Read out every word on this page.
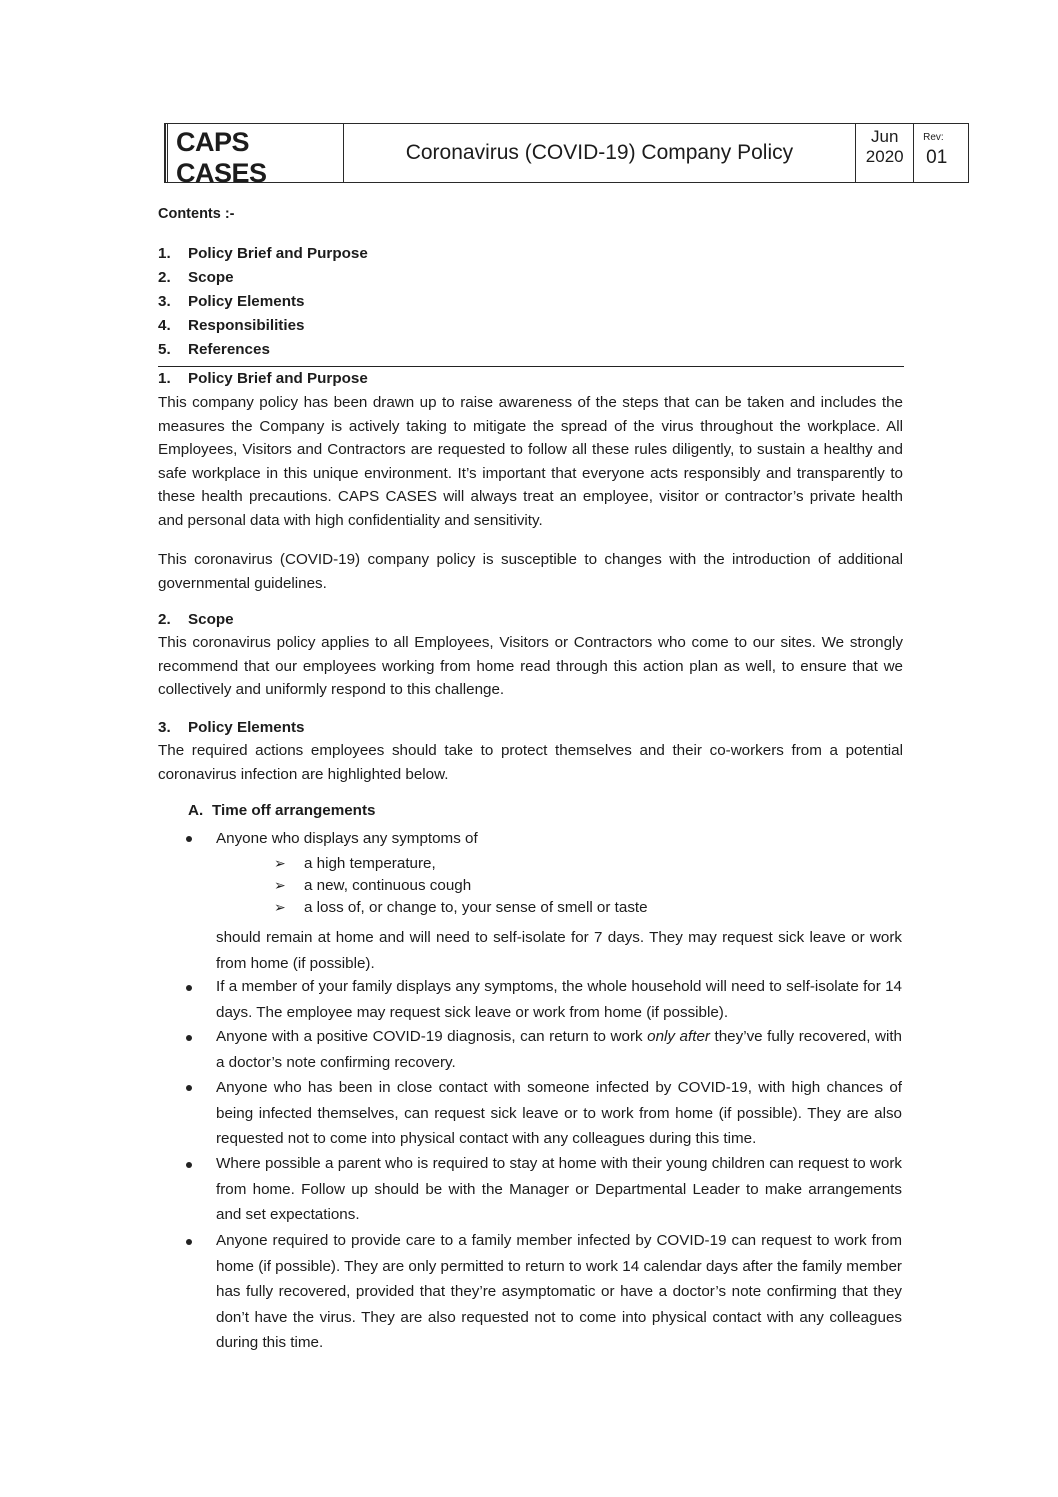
CAPS CASES
Coronavirus (COVID-19) Company Policy
Jun
2020
Rev:
01
Contents :-
1. Policy Brief and Purpose
2. Scope
3. Policy Elements
4. Responsibilities
5. References
1. Policy Brief and Purpose
This company policy has been drawn up to raise awareness of the steps that can be taken and includes the measures the Company is actively taking to mitigate the spread of the virus throughout the workplace. All Employees, Visitors and Contractors are requested to follow all these rules diligently, to sustain a healthy and safe workplace in this unique environment. It’s important that everyone acts responsibly and transparently to these health precautions. CAPS CASES will always treat an employee, visitor or contractor’s private health and personal data with high confidentiality and sensitivity.
This coronavirus (COVID-19) company policy is susceptible to changes with the introduction of additional governmental guidelines.
2. Scope
This coronavirus policy applies to all Employees, Visitors or Contractors who come to our sites. We strongly recommend that our employees working from home read through this action plan as well, to ensure that we collectively and uniformly respond to this challenge.
3. Policy Elements
The required actions employees should take to protect themselves and their co-workers from a potential coronavirus infection are highlighted below.
A. Time off arrangements
Anyone who displays any symptoms of
➢ a high temperature,
➢ a new, continuous cough
➢ a loss of, or change to, your sense of smell or taste
should remain at home and will need to self-isolate for 7 days. They may request sick leave or work from home (if possible).
If a member of your family displays any symptoms, the whole household will need to self-isolate for 14 days. The employee may request sick leave or work from home (if possible).
Anyone with a positive COVID-19 diagnosis, can return to work only after they’ve fully recovered, with a doctor’s note confirming recovery.
Anyone who has been in close contact with someone infected by COVID-19, with high chances of being infected themselves, can request sick leave or to work from home (if possible). They are also requested not to come into physical contact with any colleagues during this time.
Where possible a parent who is required to stay at home with their young children can request to work from home. Follow up should be with the Manager or Departmental Leader to make arrangements and set expectations.
Anyone required to provide care to a family member infected by COVID-19 can request to work from home (if possible). They are only permitted to return to work 14 calendar days after the family member has fully recovered, provided that they’re asymptomatic or have a doctor’s note confirming that they don’t have the virus. They are also requested not to come into physical contact with any colleagues during this time.
